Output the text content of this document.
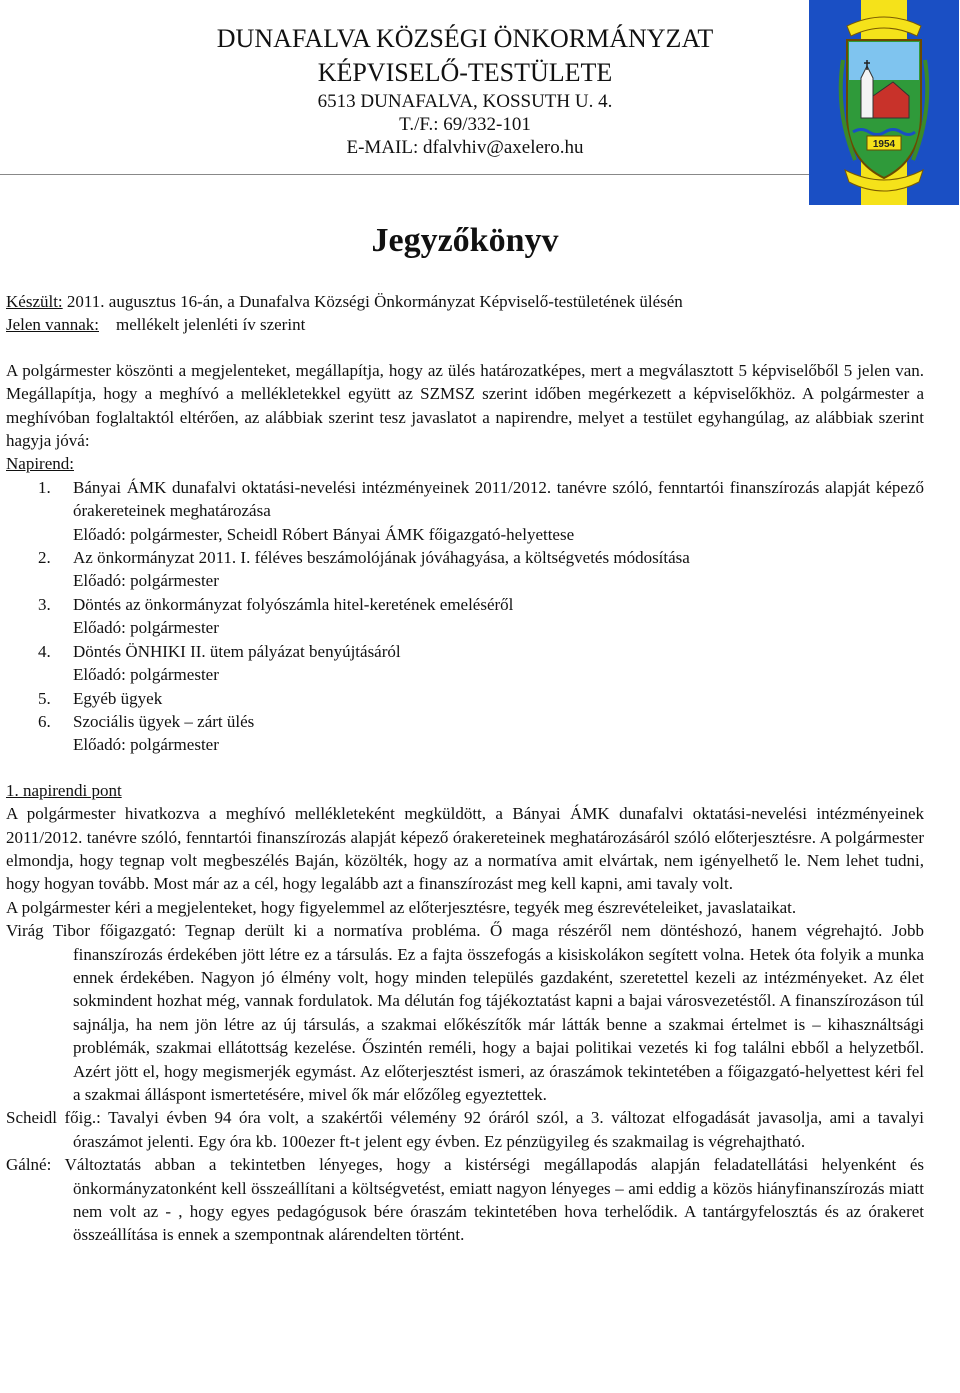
DUNAFALVA KÖZSÉGI ÖNKORMÁNYZAT
KÉPVISELŐ-TESTÜLETE
6513 DUNAFALVA, KOSSUTH U. 4.
T./F.: 69/332-101
E-MAIL: dfalvhiv@axelero.hu	1954
Jegyzőkönyv

Készült: 2011. augusztus 16-án, a Dunafalva Községi Önkormányzat Képviselő-testületének ülésén

Jelen vannak:    mellékelt jelenléti ív szerint

A polgármester köszönti a megjelenteket, megállapítja, hogy az ülés határozatképes, mert a megválasztott 5 képviselőből 5 jelen van. Megállapítja, hogy a meghívó a mellékletekkel együtt az SZMSZ szerint időben megérkezett a képviselőkhöz. A polgármester a meghívóban foglaltaktól eltérően, az alábbiak szerint tesz javaslatot a napirendre, melyet a testület egyhangúlag, az alábbiak szerint hagyja jóvá:

Napirend:

1. Bányai ÁMK dunafalvi oktatási-nevelési intézményeinek 2011/2012. tanévre szóló, fenntartói finanszírozás alapját képező órakereteinek meghatározása
Előadó: polgármester, Scheidl Róbert Bányai ÁMK főigazgató-helyettese
2. Az önkormányzat 2011. I. féléves beszámolójának jóváhagyása, a költségvetés módosítása
Előadó: polgármester
3. Döntés az önkormányzat folyószámla hitel-keretének emeléséről
Előadó: polgármester
4. Döntés ÖNHIKI II. ütem pályázat benyújtásáról
Előadó: polgármester
5. Egyéb ügyek
6. Szociális ügyek – zárt ülés
Előadó: polgármester

1. napirendi pont

A polgármester hivatkozva a meghívó mellékleteként megküldött, a Bányai ÁMK dunafalvi oktatási-nevelési intézményeinek 2011/2012. tanévre szóló, fenntartói finanszírozás alapját képező órakereteinek meghatározásáról szóló előterjesztésre. A polgármester elmondja, hogy tegnap volt megbeszélés Baján, közölték, hogy az a normatíva amit elvártak, nem igényelhető le. Nem lehet tudni, hogy hogyan tovább. Most már az a cél, hogy legalább azt a finanszírozást meg kell kapni, ami tavaly volt.

A polgármester kéri a megjelenteket, hogy figyelemmel az előterjesztésre, tegyék meg észrevételeiket, javaslataikat.

Virág Tibor főigazgató: Tegnap derült ki a normatíva probléma. Ő maga részéről nem döntéshozó, hanem végrehajtó. Jobb finanszírozás érdekében jött létre ez a társulás. Ez a fajta összefogás a kisiskolákon segített volna. Hetek óta folyik a munka ennek érdekében. Nagyon jó élmény volt, hogy minden település gazdaként, szeretettel kezeli az intézményeket. Az élet sokmindent hozhat még, vannak fordulatok. Ma délután fog tájékoztatást kapni a bajai városvezetéstől. A finanszírozáson túl sajnálja, ha nem jön létre az új társulás, a szakmai előkészítők már látták benne a szakmai értelmet is – kihasználtsági problémák, szakmai ellátottság kezelése. Őszintén reméli, hogy a bajai politikai vezetés ki fog találni ebből a helyzetből. Azért jött el, hogy megismerjék egymást. Az előterjesztést ismeri, az óraszámok tekintetében a főigazgató-helyettest kéri fel a szakmai álláspont ismertetésére, mivel ők már előzőleg egyeztettek.

Scheidl főig.: Tavalyi évben 94 óra volt, a szakértői vélemény 92 óráról szól, a 3. változat elfogadását javasolja, ami a tavalyi óraszámot jelenti. Egy óra kb. 100ezer ft-t jelent egy évben. Ez pénzügyileg és szakmailag is végrehajtható.

Gálné: Változtatás abban a tekintetben lényeges, hogy a kistérségi megállapodás alapján feladatellátási helyenként és önkormányzatonként kell összeállítani a költségvetést, emiatt nagyon lényeges – ami eddig a közös hiányfinanszírozás miatt nem volt az - , hogy egyes pedagógusok bére óraszám tekintetében hova terhelődik. A tantárgyfelosztás és az órakeret összeállítása is ennek a szempontnak alárendelten történt.
